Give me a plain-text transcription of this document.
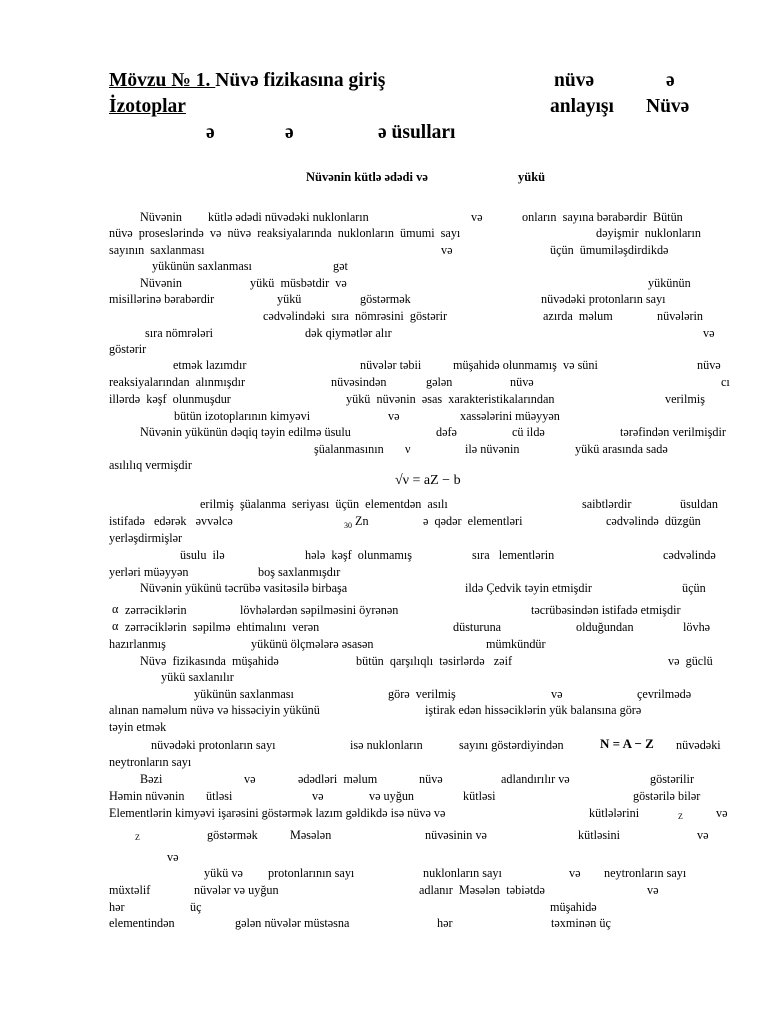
Mövzu № 1. Nüvə fizikasına giriş	nüvə	ə
İzotoplar	anlayışı Nüvə
ə	ə	ə üsulları
Nüvənin kütlə ədədi və	yükü
Nüvənin kütlə ədədi nüvədəki nuklonların	və	onların  sayına bərabərdir  Bütün
nüvə  proseslərində  və  nüvə  reaksiyalarında  nuklonların  ümumi  sayı	dəyişmir  nuklonların
sayının  saxlanması	və	üçün  ümumiləşdirdikdə
yükünün saxlanması	gət
Nüvənin	yükü  müsbətdir  və	yükünün
misillərinə bərabərdir	yükü	göstərmək	nüvədəki protonların sayı
cədvəlindəki  sıra  nömrəsini  göstərir	azırda  məlum	nüvələrin
sıra nömrələri	dək qiymətlər alır	və
göstərir
etmək lazımdır	nüvələr təbii	müşahidə olunmamış  və süni	nüvə
reaksiyalarından  alınmışdır	nüvəsindən	gələn	nüvə	cı
illərdə  kəşf  olunmuşdur	yükü  nüvənin  əsas  xarakteristikalarından	verilmiş
bütün izotoplarının kimyəvi	və	xassələrini müəyyən
Nüvənin yükünün dəqiq təyin edilmə üsulu	dəfə	cü ildə	tərəfindən verilmişdir
şüalanmasının ν	ilə nüvənin	yükü arasında sadə
asılılıq vermişdir
erilmiş  şüalanma  seriyası  üçün  elementdən  asılı	saibtlərdir	üsuldan
istifadə   edərək   əvvəlcə	ə  qədər  elementləri	cədvəlində  düzgün
yerləşdirmişlər
üsulu  ilə	hələ  kəşf  olunmamış	sıra   lementlərin	cədvəlində
yerləri müəyyən	boş saxlanmışdır
Nüvənin yükünü təcrübə vasitəsilə birbaşa	ildə Çedvik təyin etmişdir	üçün
zərrəciklərin	lövhələrdən səpilməsini öyrənən	təcrübəsindən istifadə etmişdir
zərrəciklərin  səpilmə  ehtimalını  verən	düsturuna	olduğundan	lövhə
hazırlanmış	yükünü ölçmələrə əsasən	mümkündür
Nüvə  fizikasında  müşahidə	bütün  qarşılıqlı  təsirlərdə   zəif	və  güclü
yükü saxlanılır
yükünün saxlanması	görə  verilmiş	və	çevrilmədə
alınan naməlum nüvə və hissəciyin yükünü	iştirak edən hissəciklərin yük balansına görə
təyin etmək
nüvədəki protonların sayı	isə nuklonların	sayını göstərdiyindən	nüvədəki
neytronların sayı
Bəzi	və	ədədləri  məlum	nüvə	adlandırılır və	göstərilir
Həmin nüvənin ütləsi	və	və uyğun	kütləsi	göstərilə bilər
Elementlərin kimyəvi işarəsini göstərmək lazım gəldikdə isə nüvə və	kütlələrini	və
göstərmək	Məsələn	nüvəsinin və	kütləsini	və
və
yükü və protonlarının sayı	nuklonların sayı	və neytronların sayı
müxtəlif	nüvələr və uyğun	adlanır  Məsələn  təbiətdə	və
hər	üç	müşahidə
elementindən	gələn nüvələr müstəsna	hər	təxminən üç
√ν = aZ − b
α
α
30 Zn
N = A − Z
Z
Z
